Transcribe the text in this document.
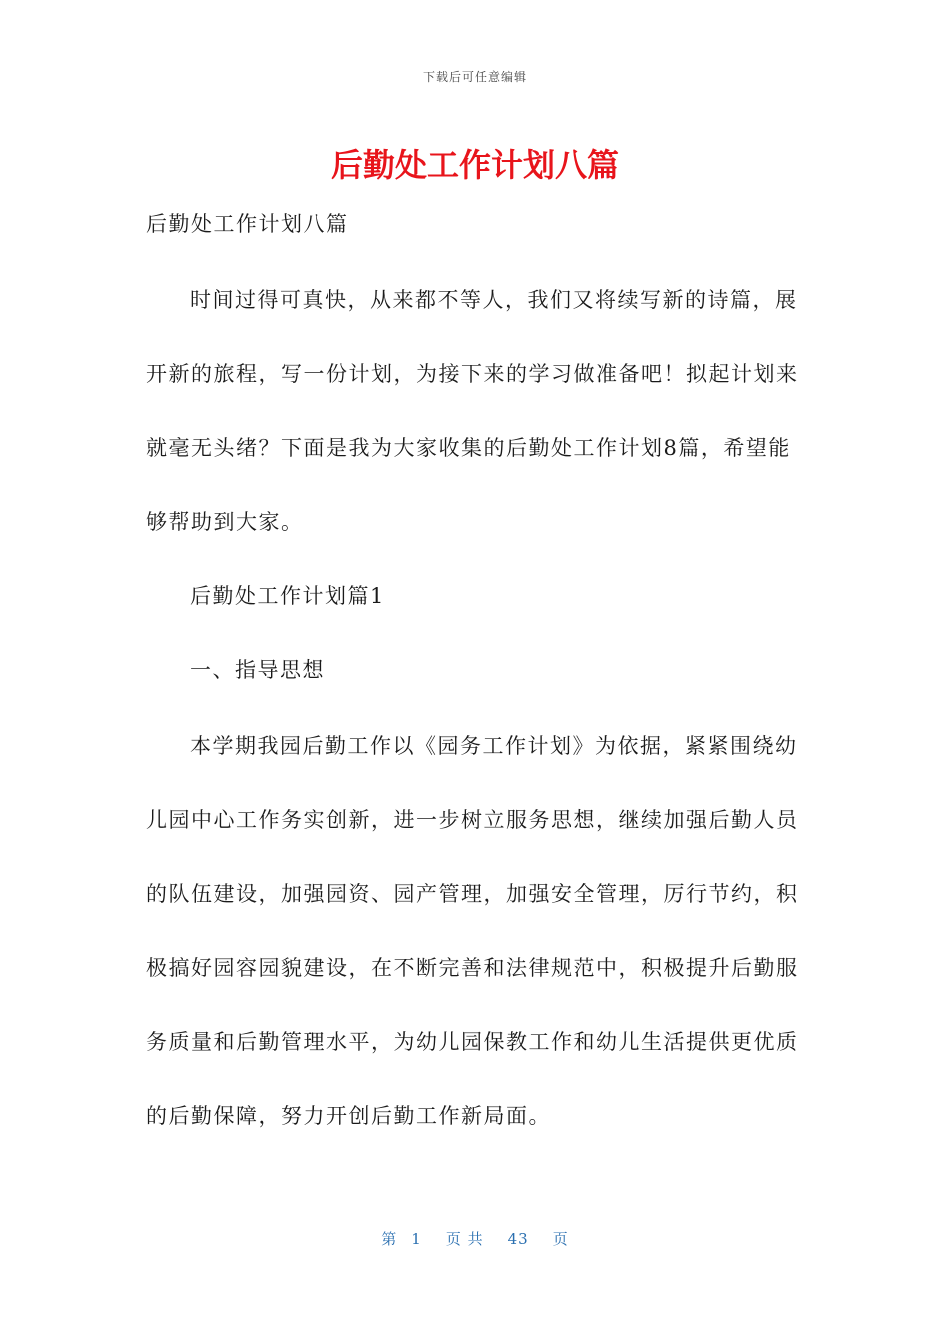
下载后可任意编辑
后勤处工作计划八篇
后勤处工作计划八篇
时间过得可真快，从来都不等人，我们又将续写新的诗篇，展
开新的旅程，写一份计划，为接下来的学习做准备吧！拟起计划来
就毫无头绪？下面是我为大家收集的后勤处工作计划8篇，希望能
够帮助到大家。
后勤处工作计划篇1
一、指导思想
本学期我园后勤工作以《园务工作计划》为依据，紧紧围绕幼
儿园中心工作务实创新，进一步树立服务思想，继续加强后勤人员
的队伍建设，加强园资、园产管理，加强安全管理，厉行节约，积
极搞好园容园貌建设，在不断完善和法律规范中，积极提升后勤服
务质量和后勤管理水平，为幼儿园保教工作和幼儿生活提供更优质
的后勤保障，努力开创后勤工作新局面。
第 1 页 共 43 页
